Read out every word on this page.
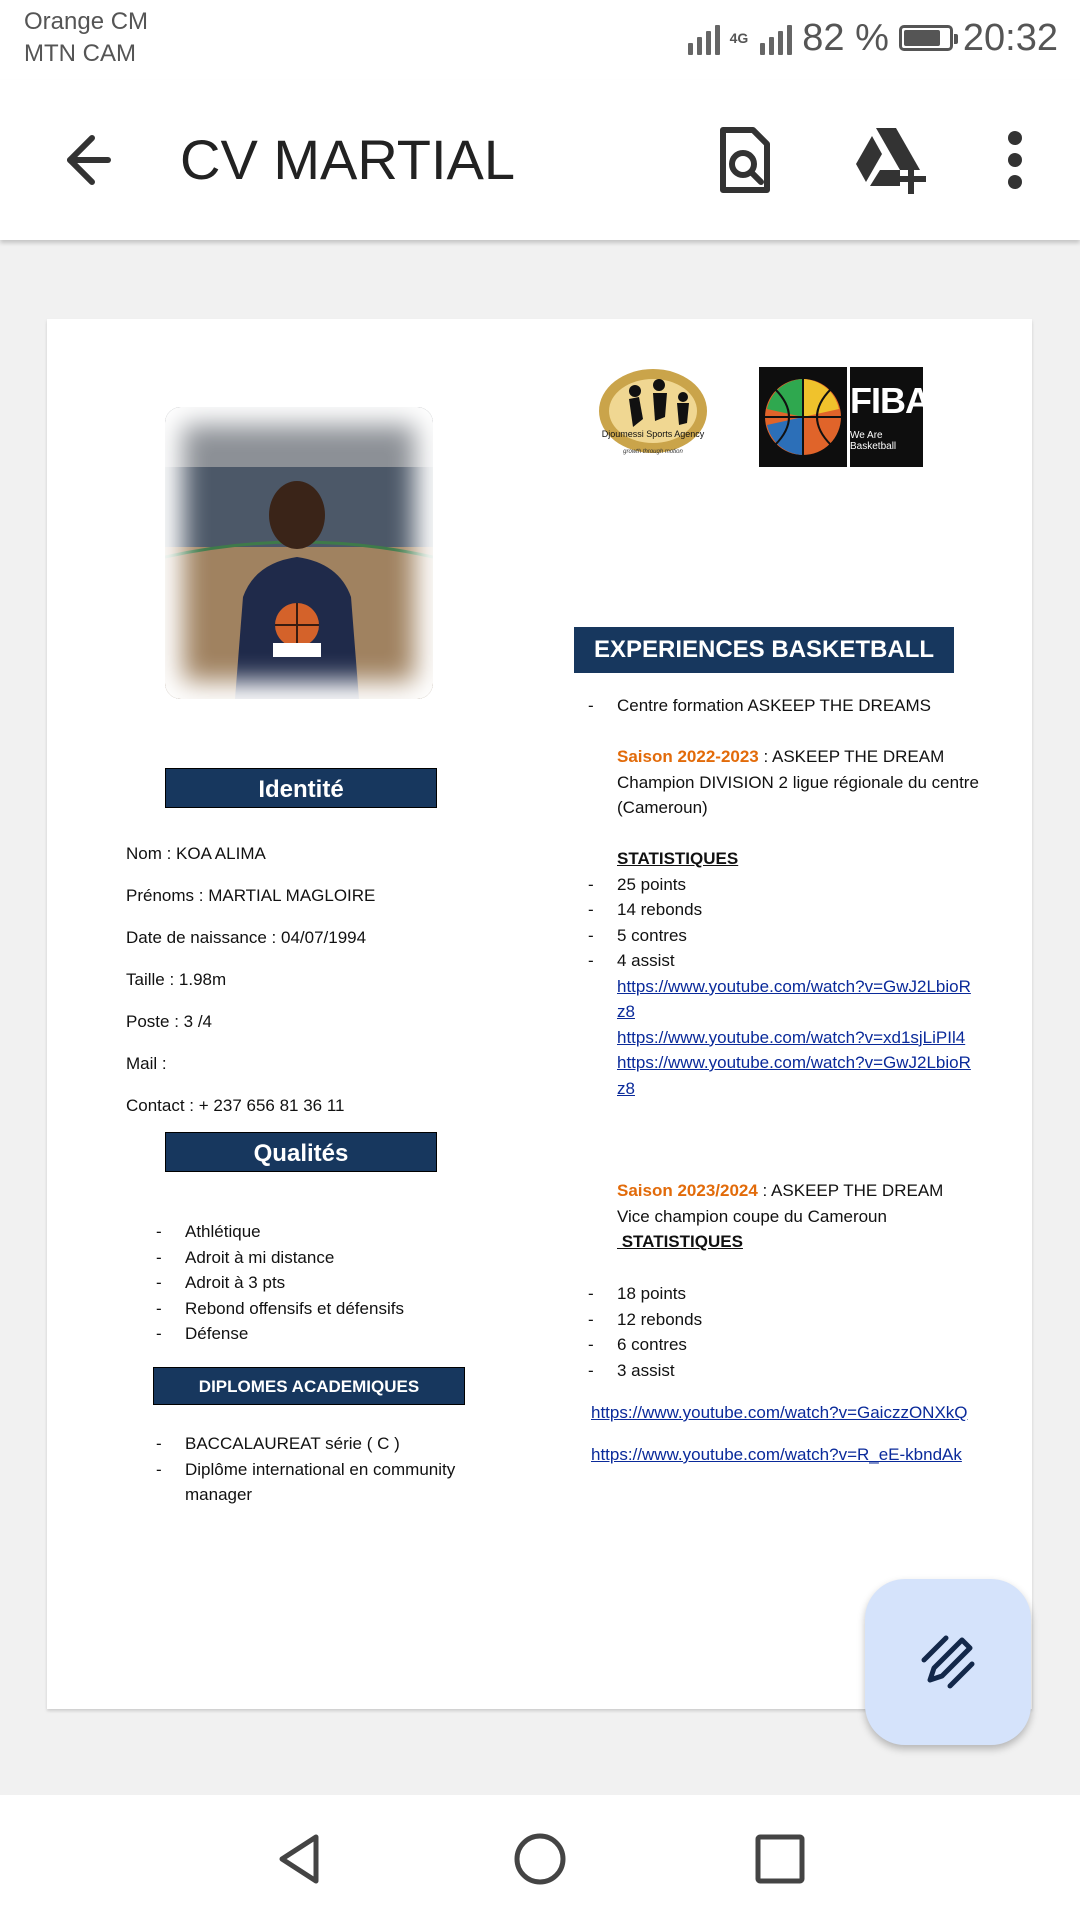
Orange CM
MTN CAM
4G 82 % 20:32
CV MARTIAL
Djoumessi Sports Agency
growth through motion
FIBA
We Are Basketball
Identité
Nom : KOA ALIMA
Prénoms : MARTIAL MAGLOIRE
Date de naissance : 04/07/1994
Taille : 1.98m
Poste : 3 /4
Mail :
Contact : + 237 656 81 36 11
Qualités
- Athlétique
- Adroit à mi distance
- Adroit à 3 pts
- Rebond offensifs et défensifs
- Défense
DIPLOMES ACADEMIQUES
- BACCALAUREAT série ( C )
- Diplôme international en community manager
EXPERIENCES BASKETBALL
- Centre formation ASKEEP THE DREAMS
Saison 2022-2023 : ASKEEP THE DREAM
Champion DIVISION 2 ligue régionale du centre (Cameroun)
STATISTIQUES
- 25 points
- 14 rebonds
- 5 contres
- 4 assist
https://www.youtube.com/watch?v=GwJ2LbioRz8
https://www.youtube.com/watch?v=xd1sjLiPIl4
https://www.youtube.com/watch?v=GwJ2LbioRz8
Saison 2023/2024 : ASKEEP THE DREAM
Vice champion coupe du Cameroun
STATISTIQUES
- 18 points
- 12 rebonds
- 6 contres
- 3 assist
https://www.youtube.com/watch?v=GaiczzONXkQ
https://www.youtube.com/watch?v=R_eE-kbndAk
